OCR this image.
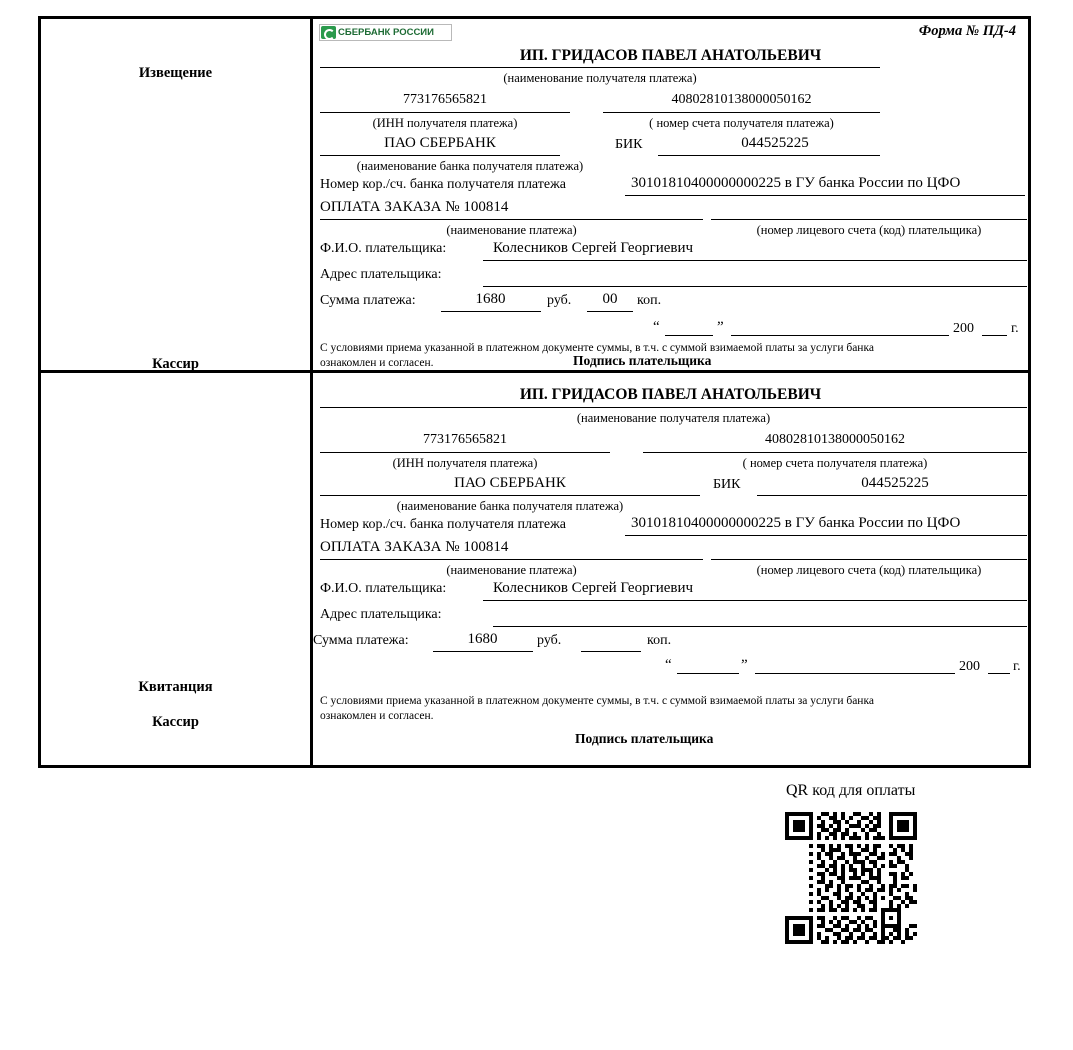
Извещение
Кассир
СБЕРБАНК РОССИИ	Форма № ПД-4
ИП. ГРИДАСОВ ПАВЕЛ АНАТОЛЬЕВИЧ
(наименование получателя платежа)
773176565821
(ИНН получателя платежа)
40802810138000050162
( номер счета получателя платежа)
ПАО СБЕРБАНК
(наименование банка получателя платежа)
БИК	044525225
Номер кор./сч. банка получателя платежа	30101810400000000225 в ГУ банка России по ЦФО
ОПЛАТА ЗАКАЗА № 100814
(наименование платежа)	(номер лицевого счета (код) плательщика)
Ф.И.О. плательщика:	Колесников Сергей Георгиевич
Адрес плательщика:
Сумма платежа:	1680	руб.	00	коп.
“	”	200	г.
С условиями приема указанной в платежном документе суммы, в т.ч. с суммой взимаемой платы за услуги банка
ознакомлен и согласен.	Подпись плательщика
Квитанция
Кассир
ИП. ГРИДАСОВ ПАВЕЛ АНАТОЛЬЕВИЧ
(наименование получателя платежа)
773176565821
(ИНН получателя платежа)
40802810138000050162
( номер счета получателя платежа)
ПАО СБЕРБАНК
(наименование банка получателя платежа)
БИК	044525225
Номер кор./сч. банка получателя платежа	30101810400000000225 в ГУ банка России по ЦФО
ОПЛАТА ЗАКАЗА № 100814
(наименование платежа)	(номер лицевого счета (код) плательщика)
Ф.И.О. плательщика:	Колесников Сергей Георгиевич
Адрес плательщика:
Сумма платежа:	1680	руб.	коп.
“	”	200 г.
С условиями приема указанной в платежном документе суммы, в т.ч. с суммой взимаемой платы за услуги банка
ознакомлен и согласен.
Подпись плательщика
QR код для оплаты
